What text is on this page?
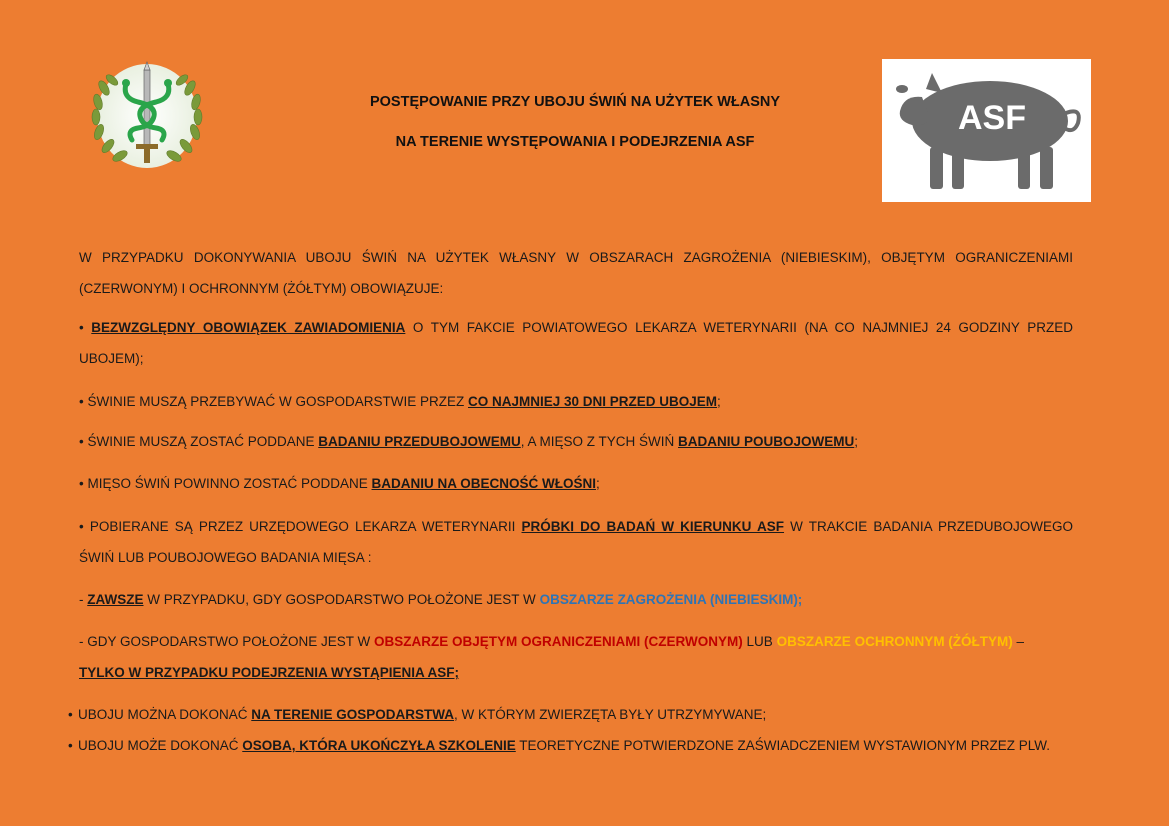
POSTĘPOWANIE PRZY UBOJU ŚWIŃ NA UŻYTEK WŁASNY
NA TERENIE WYSTĘPOWANIA I PODEJRZENIA ASF
ASF
W PRZYPADKU DOKONYWANIA UBOJU ŚWIŃ NA UŻYTEK WŁASNY W OBSZARACH ZAGROŻENIA (NIEBIESKIM), OBJĘTYM OGRANICZENIAMI (CZERWONYM) I OCHRONNYM (ŻÓŁTYM) OBOWIĄZUJE:
• BEZWZGLĘDNY OBOWIĄZEK ZAWIADOMIENIA O TYM FAKCIE POWIATOWEGO LEKARZA WETERYNARII (NA CO NAJMNIEJ 24 GODZINY PRZED UBOJEM);
• ŚWINIE MUSZĄ PRZEBYWAĆ W GOSPODARSTWIE PRZEZ CO NAJMNIEJ 30 DNI PRZED UBOJEM;
• ŚWINIE MUSZĄ ZOSTAĆ PODDANE BADANIU PRZEDUBOJOWEMU, A MIĘSO Z TYCH ŚWIŃ BADANIU POUBOJOWEMU;
• MIĘSO ŚWIŃ POWINNO ZOSTAĆ PODDANE BADANIU NA OBECNOŚĆ WŁOŚNI;
• POBIERANE SĄ PRZEZ URZĘDOWEGO LEKARZA WETERYNARII PRÓBKI DO BADAŃ W KIERUNKU ASF W TRAKCIE BADANIA PRZEDUBOJOWEGO ŚWIŃ LUB POUBOJOWEGO BADANIA MIĘSA :
- ZAWSZE W PRZYPADKU, GDY GOSPODARSTWO POŁOŻONE JEST W OBSZARZE ZAGROŻENIA (NIEBIESKIM);
- GDY GOSPODARSTWO POŁOŻONE JEST W OBSZARZE OBJĘTYM OGRANICZENIAMI (CZERWONYM) LUB OBSZARZE OCHRONNYM (ŻÓŁTYM) –
TYLKO W PRZYPADKU PODEJRZENIA WYSTĄPIENIA ASF;
• UBOJU MOŻNA DOKONAĆ NA TERENIE GOSPODARSTWA, W KTÓRYM ZWIERZĘTA BYŁY UTRZYMYWANE;
• UBOJU MOŻE DOKONAĆ OSOBA, KTÓRA UKOŃCZYŁA SZKOLENIE TEORETYCZNE POTWIERDZONE ZAŚWIADCZENIEM WYSTAWIONYM PRZEZ PLW.
